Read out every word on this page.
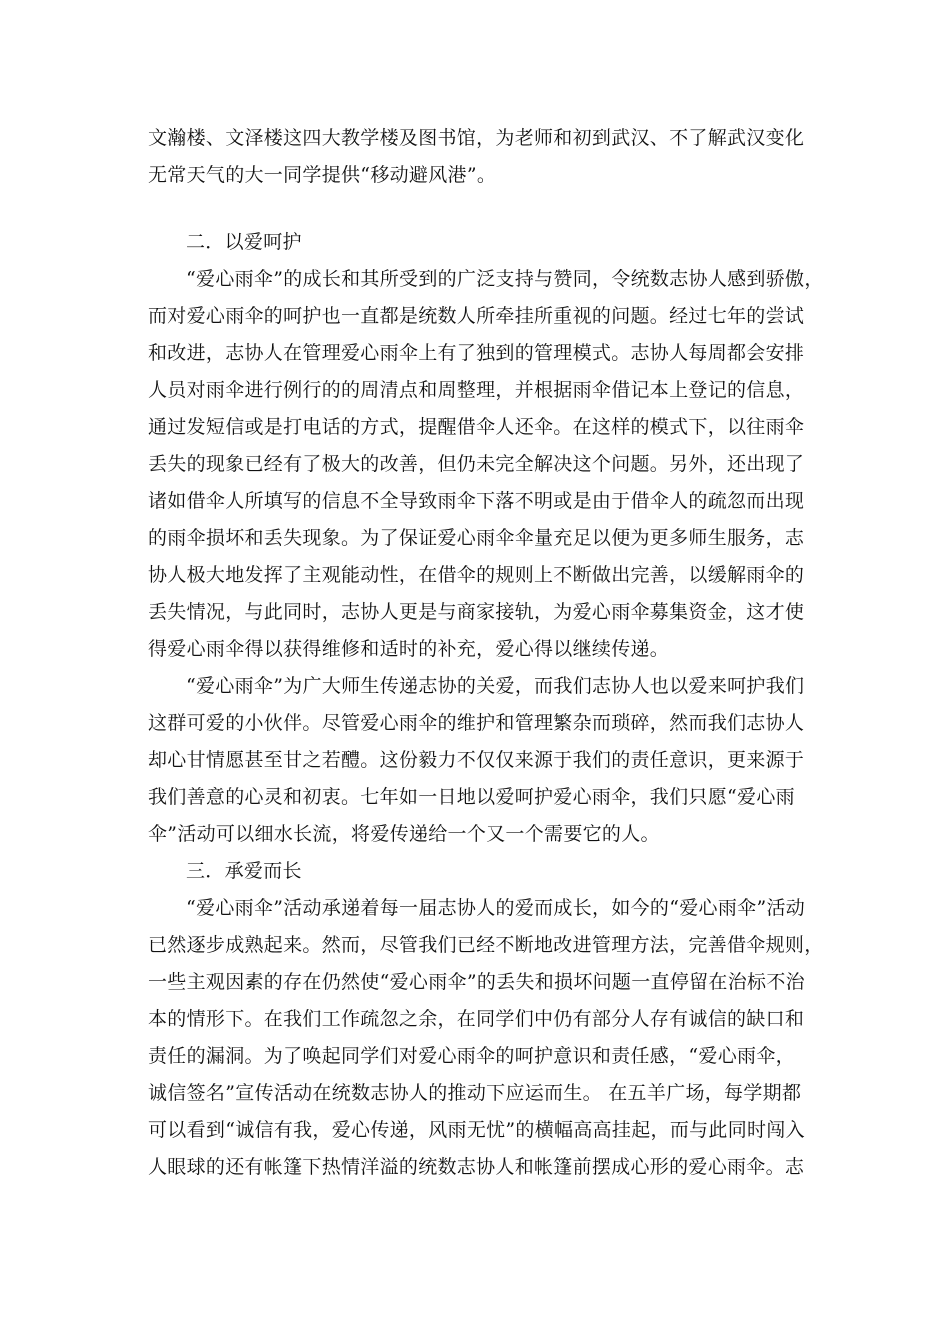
文瀚楼、文泽楼这四大教学楼及图书馆，为老师和初到武汉、不了解武汉变化
无常天气的大一同学提供“移动避风港”。
二．以爱呵护
“爱心雨伞”的成长和其所受到的广泛支持与赞同，令统数志协人感到骄傲，
而对爱心雨伞的呵护也一直都是统数人所牵挂所重视的问题。经过七年的尝试
和改进，志协人在管理爱心雨伞上有了独到的管理模式。志协人每周都会安排
人员对雨伞进行例行的的周清点和周整理，并根据雨伞借记本上登记的信息，
通过发短信或是打电话的方式，提醒借伞人还伞。在这样的模式下，以往雨伞
丢失的现象已经有了极大的改善，但仍未完全解决这个问题。另外，还出现了
诸如借伞人所填写的信息不全导致雨伞下落不明或是由于借伞人的疏忽而出现
的雨伞损坏和丢失现象。为了保证爱心雨伞伞量充足以便为更多师生服务，志
协人极大地发挥了主观能动性，在借伞的规则上不断做出完善，以缓解雨伞的
丢失情况，与此同时，志协人更是与商家接轨，为爱心雨伞募集资金，这才使
得爱心雨伞得以获得维修和适时的补充，爱心得以继续传递。
“爱心雨伞”为广大师生传递志协的关爱，而我们志协人也以爱来呵护我们
这群可爱的小伙伴。尽管爱心雨伞的维护和管理繁杂而琐碎，然而我们志协人
却心甘情愿甚至甘之若醴。这份毅力不仅仅来源于我们的责任意识，更来源于
我们善意的心灵和初衷。七年如一日地以爱呵护爱心雨伞，我们只愿“爱心雨
伞”活动可以细水长流，将爱传递给一个又一个需要它的人。
三．承爱而长
“爱心雨伞”活动承递着每一届志协人的爱而成长，如今的“爱心雨伞”活动
已然逐步成熟起来。然而，尽管我们已经不断地改进管理方法，完善借伞规则，
一些主观因素的存在仍然使“爱心雨伞”的丢失和损坏问题一直停留在治标不治
本的情形下。在我们工作疏忽之余，在同学们中仍有部分人存有诚信的缺口和
责任的漏洞。为了唤起同学们对爱心雨伞的呵护意识和责任感，“爱心雨伞，
诚信签名”宣传活动在统数志协人的推动下应运而生。 在五羊广场，每学期都
可以看到“诚信有我，爱心传递，风雨无忧”的横幅高高挂起，而与此同时闯入
人眼球的还有帐篷下热情洋溢的统数志协人和帐篷前摆成心形的爱心雨伞。志
